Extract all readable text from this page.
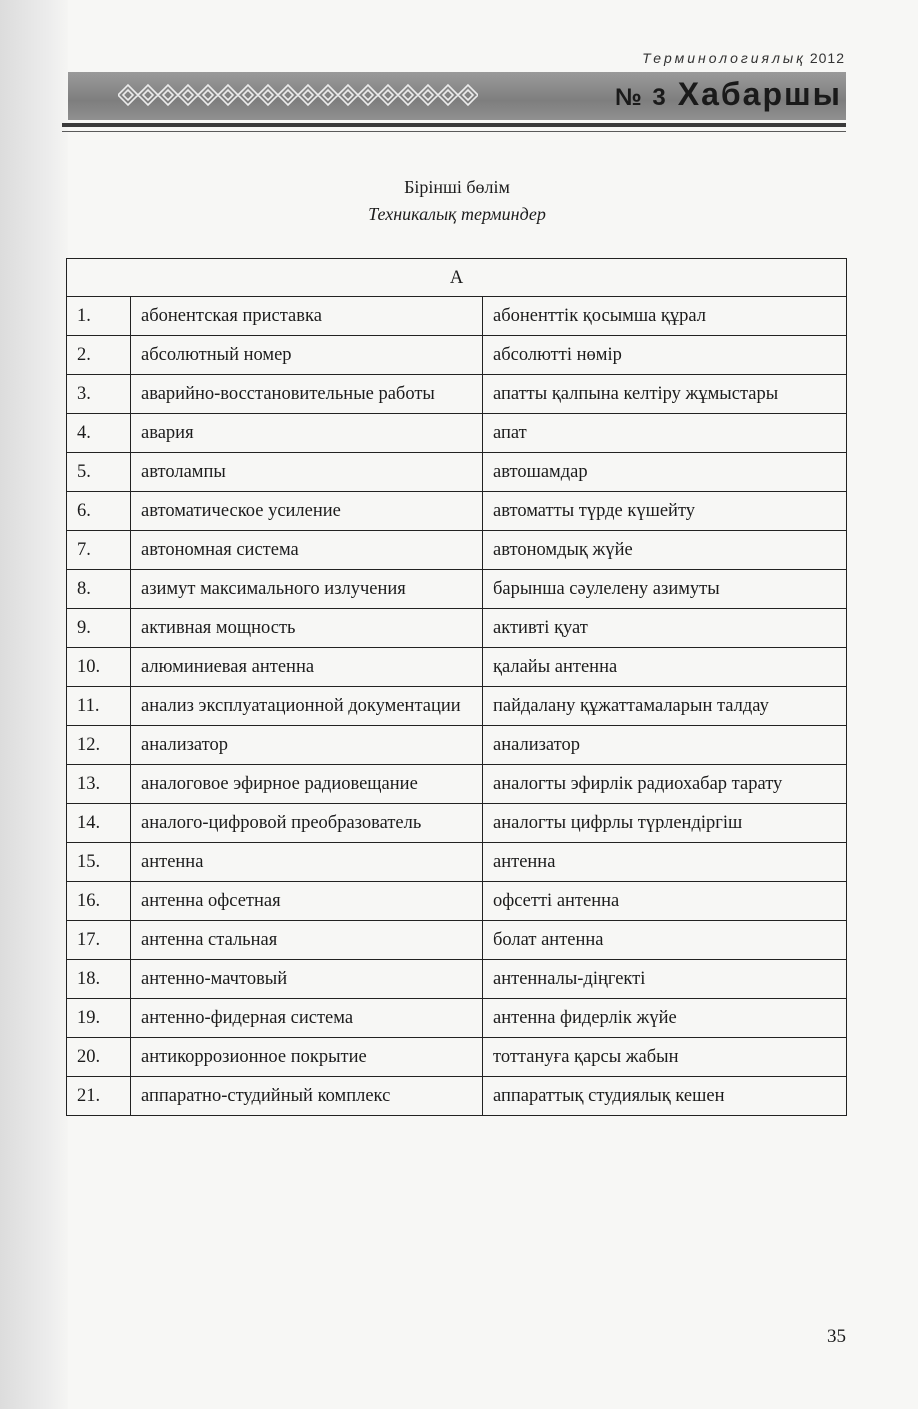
Терминологиялық 2012
№ 3 Хабаршы
Бірінші бөлім
Техникалық терминдер
А		
1.	абонентская приставка	абоненттік қосымша құрал
2.	абсолютный номер	абсолютті нөмір
3.	аварийно-восстановительные работы	апатты қалпына келтіру жұмыстары
4.	авария	апат
5.	автолампы	автошамдар
6.	автоматическое усиление	автоматты түрде күшейту
7.	автономная система	автономдық жүйе
8.	азимут максимального излучения	барынша сәулелену азимуты
9.	активная мощность	активті қуат
10.	алюминиевая антенна	қалайы антенна
11.	анализ эксплуатационной документации	пайдалану құжаттамаларын талдау
12.	анализатор	анализатор
13.	аналоговое эфирное радиовещание	аналогты эфирлік радиохабар тарату
14.	аналого-цифровой преобразователь	аналогты цифрлы түрлендіргіш
15.	антенна	антенна
16.	антенна офсетная	офсетті антенна
17.	антенна стальная	болат антенна
18.	антенно-мачтовый	антенналы-діңгекті
19.	антенно-фидерная система	антенна фидерлік жүйе
20.	антикоррозионное покрытие	тоттануға қарсы жабын
21.	аппаратно-студийный комплекс	аппараттық студиялық кешен
35
